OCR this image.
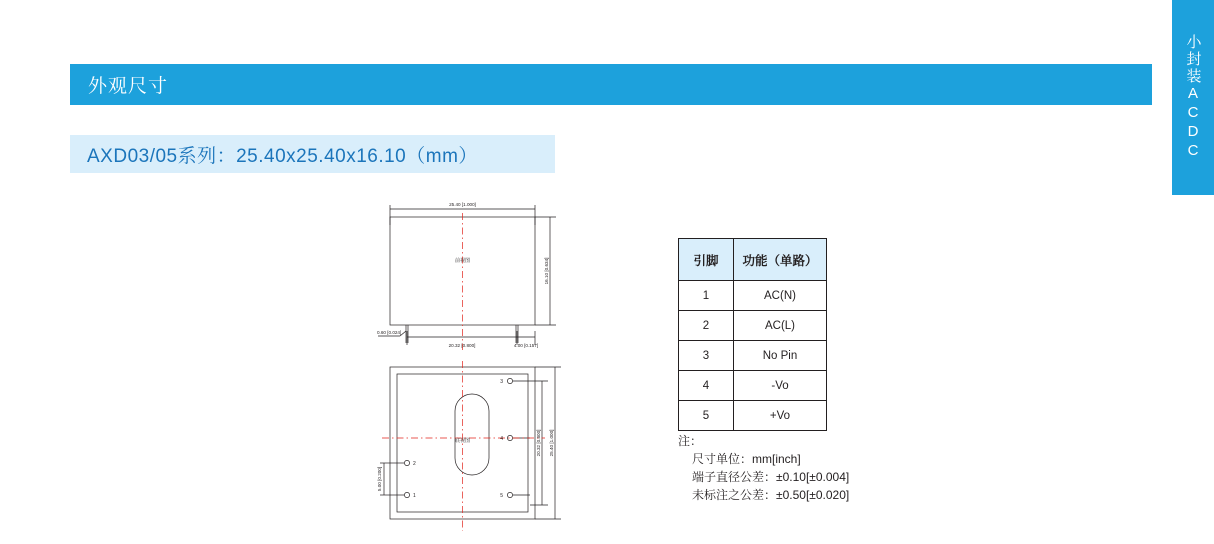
小封装ACDC
外观尺寸
AXD03/05系列：25.40x25.40x16.10（mm）
25.40 [1.000]
前视图
20.32 [0.800]	4.00 [0.157]
0.60 [0.024]
底视图
16.10 [0.634]
20.32 [0.800] 25.40 [1.000]
5.00 [0.200]
1
2
3
4
5
引脚	功能（单路）
1	AC(N)
2	AC(L)
3	No Pin
4	-Vo
5	+Vo
注：
尺寸单位：mm[inch]
端子直径公差：±0.10[±0.004]
未标注之公差：±0.50[±0.020]
